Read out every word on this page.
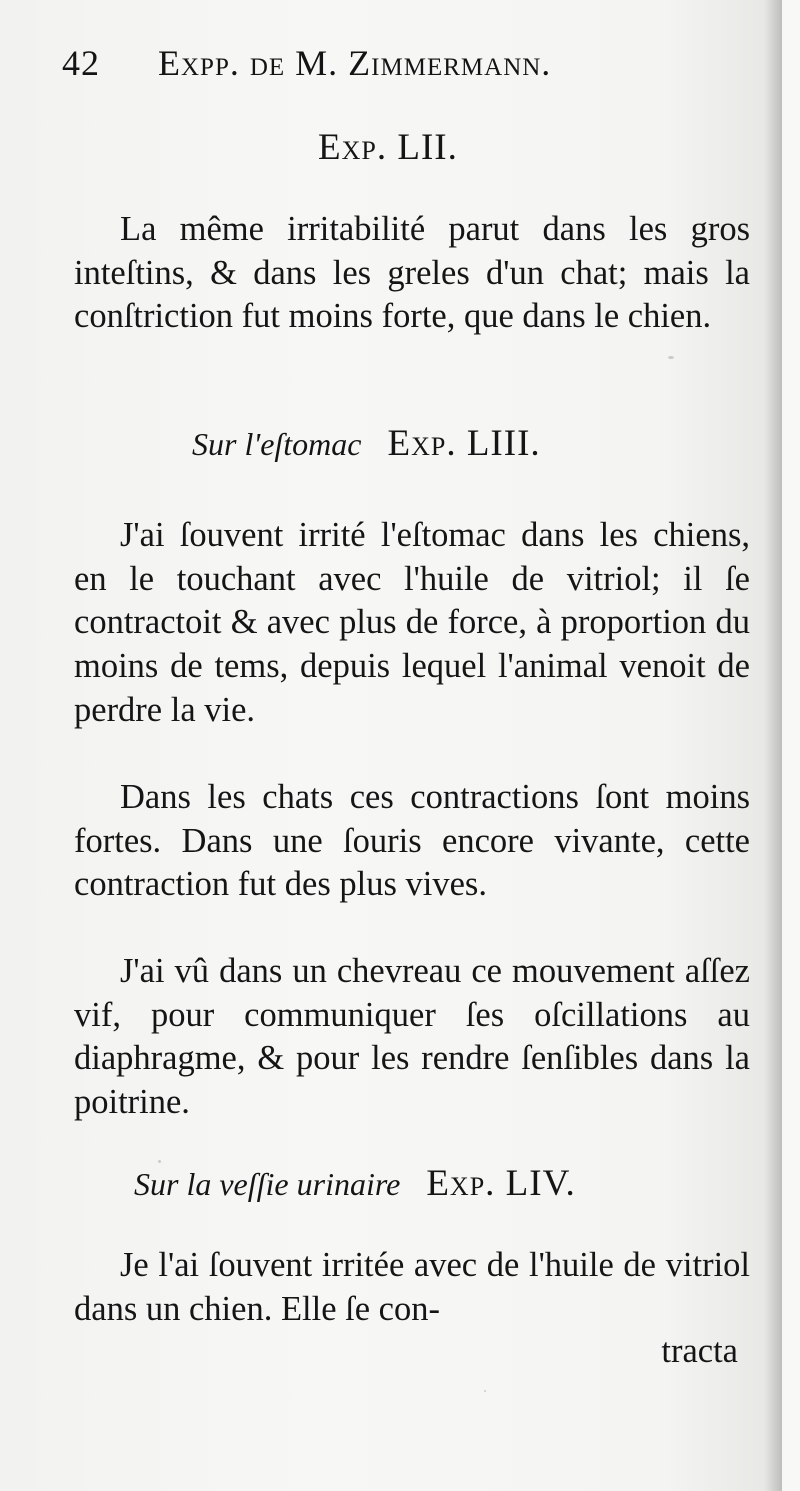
42 Expp. de M. Zimmermann.
Exp. LII.
La même irritabilité parut dans les gros inteſtins, & dans les greles d'un chat; mais la conſtriction fut moins forte, que dans le chien.
Sur l'eſtomac Exp. LIII.
J'ai ſouvent irrité l'eſtomac dans les chiens, en le touchant avec l'huile de vitriol; il ſe contractoit & avec plus de force, à proportion du moins de tems, depuis lequel l'animal venoit de perdre la vie.
Dans les chats ces contractions ſont moins fortes. Dans une ſouris encore vivante, cette contraction fut des plus vives.
J'ai vû dans un chevreau ce mouvement aſſez vif, pour communiquer ſes oſcillations au diaphragme, & pour les rendre ſenſibles dans la poitrine.
Sur la veſſie urinaire Exp. LIV.
Je l'ai ſouvent irritée avec de l'huile de vitriol dans un chien. Elle ſe con-
tracta
